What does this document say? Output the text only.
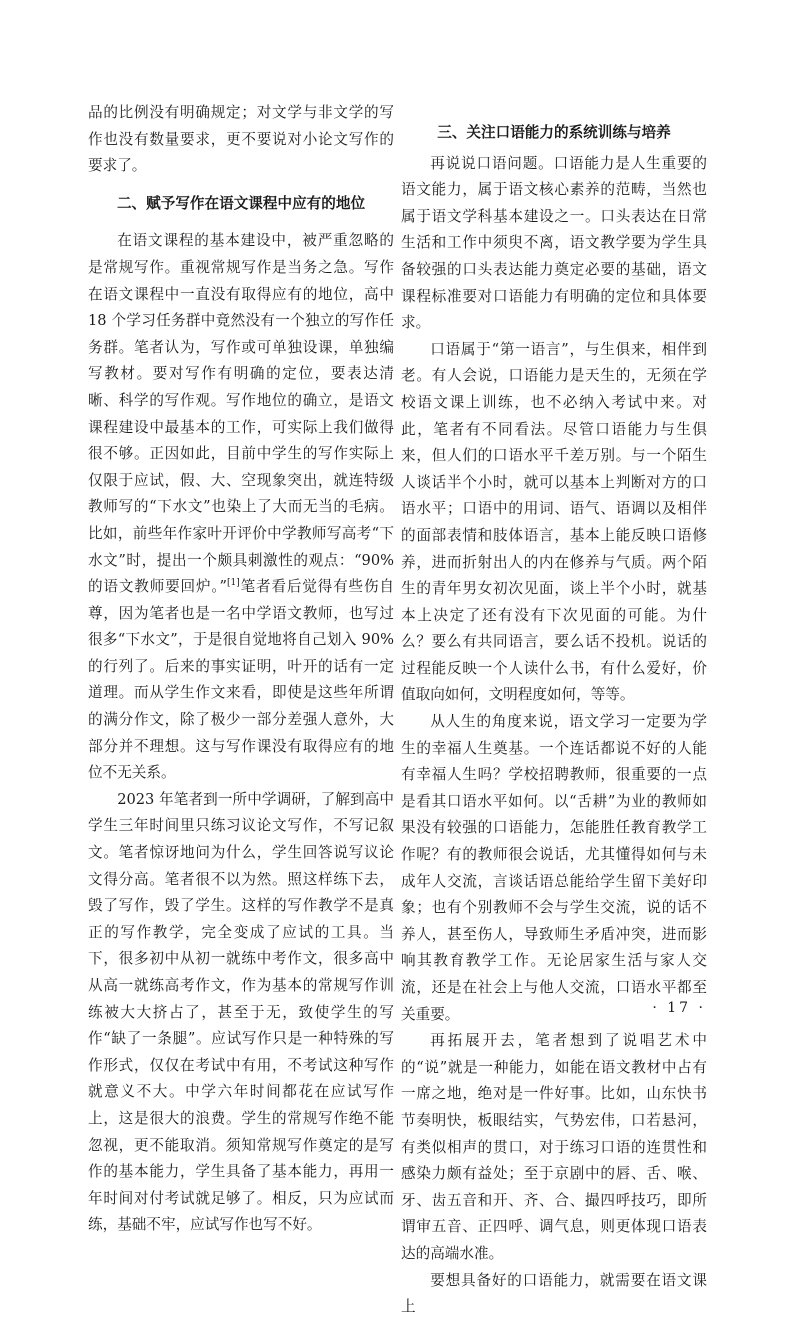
品的比例没有明确规定；对文学与非文学的写作也没有数量要求，更不要说对小论文写作的要求了。

二、赋予写作在语文课程中应有的地位

在语文课程的基本建设中，被严重忽略的是常规写作。重视常规写作是当务之急。写作在语文课程中一直没有取得应有的地位，高中 18 个学习任务群中竟然没有一个独立的写作任务群。笔者认为，写作或可单独设课，单独编写教材。要对写作有明确的定位，要表达清晰、科学的写作观。写作地位的确立，是语文课程建设中最基本的工作，可实际上我们做得很不够。正因如此，目前中学生的写作实际上仅限于应试，假、大、空现象突出，就连特级教师写的“下水文”也染上了大而无当的毛病。比如，前些年作家叶开评价中学教师写高考“下水文”时，提出一个颇具刺激性的观点：“90%的语文教师要回炉。”[1]笔者看后觉得有些伤自尊，因为笔者也是一名中学语文教师，也写过很多“下水文”，于是很自觉地将自己划入 90% 的行列了。后来的事实证明，叶开的话有一定道理。而从学生作文来看，即使是这些年所谓的满分作文，除了极少一部分差强人意外，大部分并不理想。这与写作课没有取得应有的地位不无关系。

2023 年笔者到一所中学调研，了解到高中学生三年时间里只练习议论文写作，不写记叙文。笔者惊讶地问为什么，学生回答说写议论文得分高。笔者很不以为然。照这样练下去，毁了写作，毁了学生。这样的写作教学不是真正的写作教学，完全变成了应试的工具。当下，很多初中从初一就练中考作文，很多高中从高一就练高考作文，作为基本的常规写作训练被大大挤占了，甚至于无，致使学生的写作“缺了一条腿”。应试写作只是一种特殊的写作形式，仅仅在考试中有用，不考试这种写作就意义不大。中学六年时间都花在应试写作上，这是很大的浪费。学生的常规写作绝不能忽视，更不能取消。须知常规写作奠定的是写作的基本能力，学生具备了基本能力，再用一年时间对付考试就足够了。相反，只为应试而练，基础不牢，应试写作也写不好。

三、关注口语能力的系统训练与培养

再说说口语问题。口语能力是人生重要的语文能力，属于语文核心素养的范畴，当然也属于语文学科基本建设之一。口头表达在日常生活和工作中须臾不离，语文教学要为学生具备较强的口头表达能力奠定必要的基础，语文课程标准要对口语能力有明确的定位和具体要求。

口语属于“第一语言”，与生俱来，相伴到老。有人会说，口语能力是天生的，无须在学校语文课上训练，也不必纳入考试中来。对此，笔者有不同看法。尽管口语能力与生俱来，但人们的口语水平千差万别。与一个陌生人谈话半个小时，就可以基本上判断对方的口语水平；口语中的用词、语气、语调以及相伴的面部表情和肢体语言，基本上能反映口语修养，进而折射出人的内在修养与气质。两个陌生的青年男女初次见面，谈上半个小时，就基本上决定了还有没有下次见面的可能。为什么？要么有共同语言，要么话不投机。说话的过程能反映一个人读什么书，有什么爱好，价值取向如何，文明程度如何，等等。

从人生的角度来说，语文学习一定要为学生的幸福人生奠基。一个连话都说不好的人能有幸福人生吗？学校招聘教师，很重要的一点是看其口语水平如何。以“舌耕”为业的教师如果没有较强的口语能力，怎能胜任教育教学工作呢？有的教师很会说话，尤其懂得如何与未成年人交流，言谈话语总能给学生留下美好印象；也有个别教师不会与学生交流，说的话不养人，甚至伤人，导致师生矛盾冲突，进而影响其教育教学工作。无论居家生活与家人交流，还是在社会上与他人交流，口语水平都至关重要。

再拓展开去，笔者想到了说唱艺术中的“说”就是一种能力，如能在语文教材中占有一席之地，绝对是一件好事。比如，山东快书节奏明快，板眼结实，气势宏伟，口若悬河，有类似相声的贯口，对于练习口语的连贯性和感染力颇有益处；至于京剧中的唇、舌、喉、牙、齿五音和开、齐、合、撮四呼技巧，即所谓审五音、正四呼、调气息，则更体现口语表达的高端水准。

要想具备好的口语能力，就需要在语文课上

· 17 ·
